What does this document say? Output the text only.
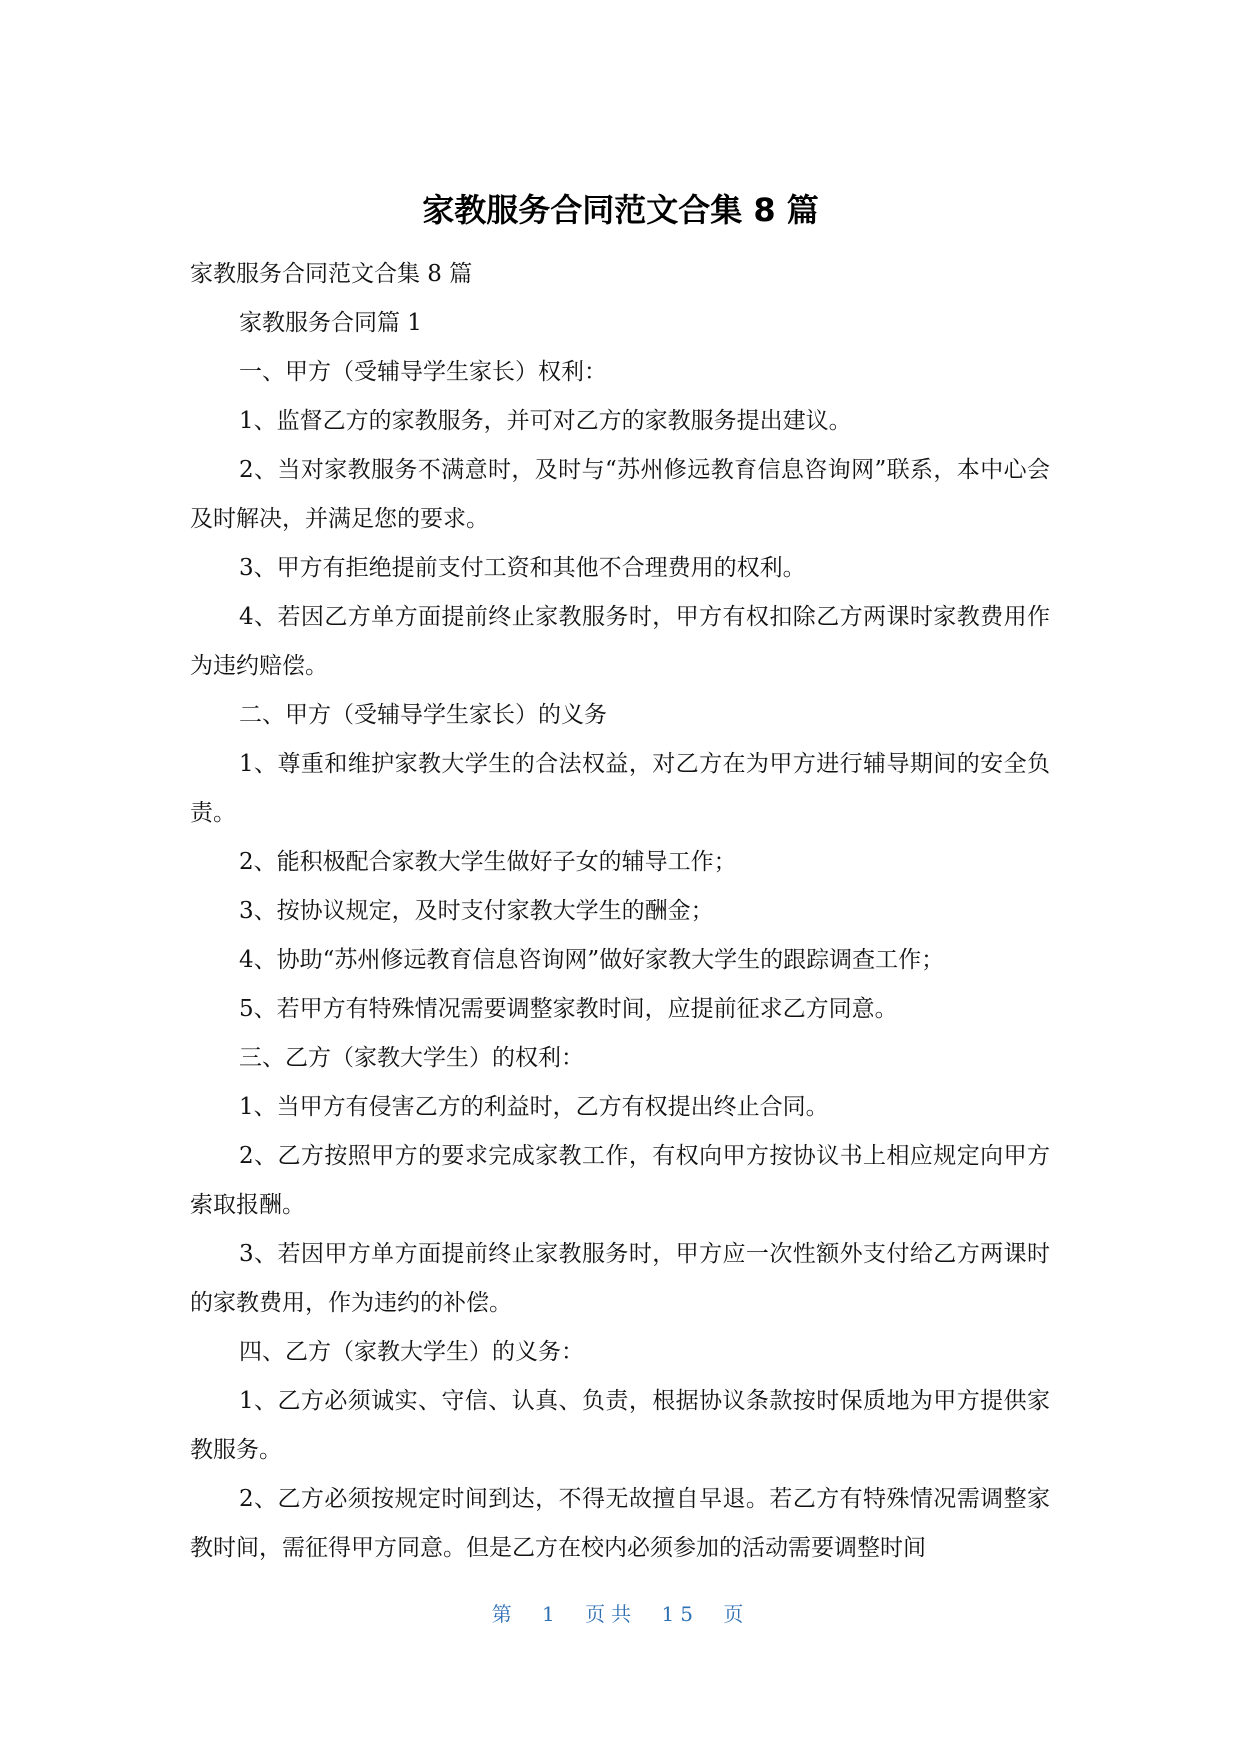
家教服务合同范文合集 8 篇

家教服务合同范文合集 8 篇

家教服务合同篇 1

一、甲方（受辅导学生家长）权利：

1、监督乙方的家教服务，并可对乙方的家教服务提出建议。

2、当对家教服务不满意时，及时与“苏州修远教育信息咨询网”联系，本中心会及时解决，并满足您的要求。

3、甲方有拒绝提前支付工资和其他不合理费用的权利。

4、若因乙方单方面提前终止家教服务时，甲方有权扣除乙方两课时家教费用作为违约赔偿。

二、甲方（受辅导学生家长）的义务

1、尊重和维护家教大学生的合法权益，对乙方在为甲方进行辅导期间的安全负责。

2、能积极配合家教大学生做好子女的辅导工作；

3、按协议规定，及时支付家教大学生的酬金；

4、协助“苏州修远教育信息咨询网”做好家教大学生的跟踪调查工作；

5、若甲方有特殊情况需要调整家教时间，应提前征求乙方同意。

三、乙方（家教大学生）的权利：

1、当甲方有侵害乙方的利益时，乙方有权提出终止合同。

2、乙方按照甲方的要求完成家教工作，有权向甲方按协议书上相应规定向甲方索取报酬。

3、若因甲方单方面提前终止家教服务时，甲方应一次性额外支付给乙方两课时的家教费用，作为违约的补偿。

四、乙方（家教大学生）的义务：

1、乙方必须诚实、守信、认真、负责，根据协议条款按时保质地为甲方提供家教服务。

2、乙方必须按规定时间到达，不得无故擅自早退。若乙方有特殊情况需调整家教时间，需征得甲方同意。但是乙方在校内必须参加的活动需要调整时间

第 1 页共 15 页
